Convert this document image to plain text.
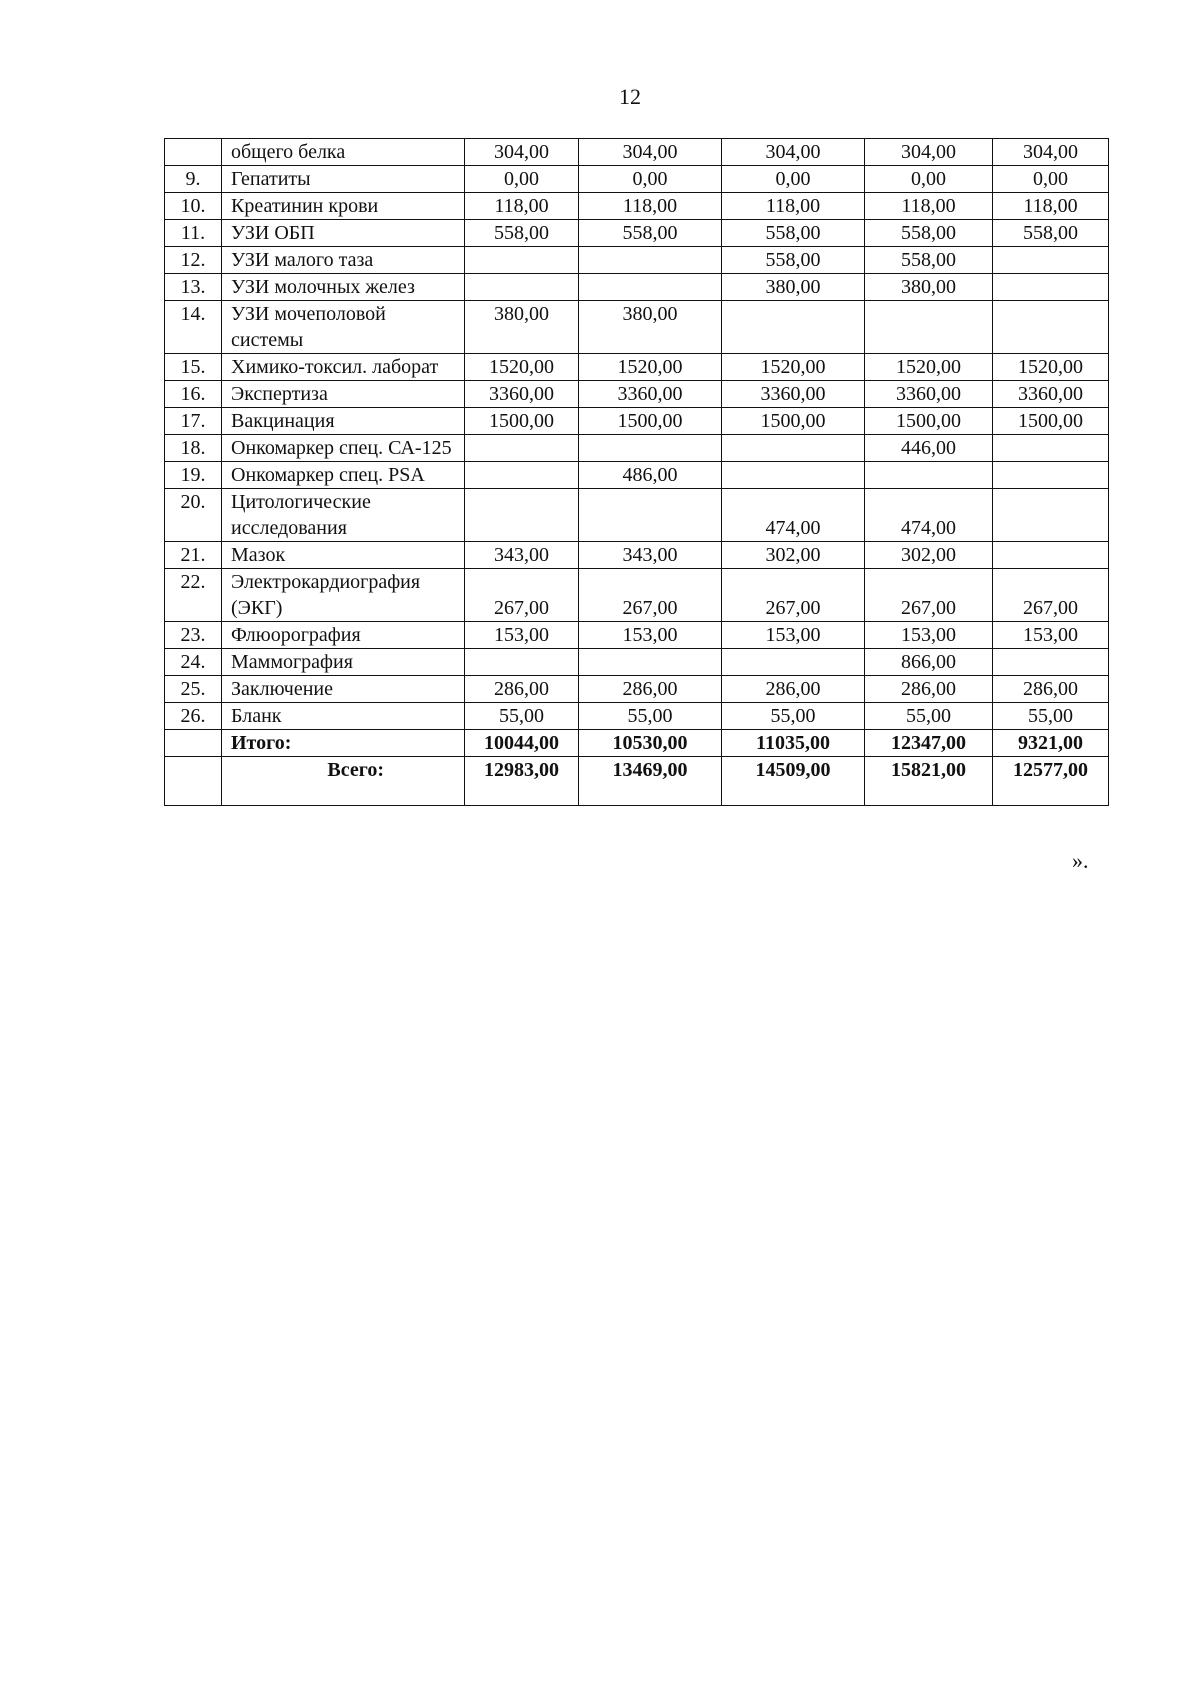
12
	общего белка	304,00	304,00	304,00	304,00	304,00
9.	Гепатиты	0,00	0,00	0,00	0,00	0,00
10.	Креатинин крови	118,00	118,00	118,00	118,00	118,00
11.	УЗИ ОБП	558,00	558,00	558,00	558,00	558,00
12.	УЗИ малого таза			558,00	558,00	
13.	УЗИ молочных желез			380,00	380,00	
14.	УЗИ мочеполовой системы	380,00	380,00			
15.	Химико-токсил. лаборат	1520,00	1520,00	1520,00	1520,00	1520,00
16.	Экспертиза	3360,00	3360,00	3360,00	3360,00	3360,00
17.	Вакцинация	1500,00	1500,00	1500,00	1500,00	1500,00
18.	Онкомаркер спец. СА-125				446,00	
19.	Онкомаркер спец. PSA		486,00			
20.	Цитологические исследования			474,00	474,00	
21.	Мазок	343,00	343,00	302,00	302,00	
22.	Электрокардиография (ЭКГ)	267,00	267,00	267,00	267,00	267,00
23.	Флюорография	153,00	153,00	153,00	153,00	153,00
24.	Маммография				866,00	
25.	Заключение	286,00	286,00	286,00	286,00	286,00
26.	Бланк	55,00	55,00	55,00	55,00	55,00
	Итого:	10044,00	10530,00	11035,00	12347,00	9321,00
	Всего:	12983,00	13469,00	14509,00	15821,00	12577,00
».
